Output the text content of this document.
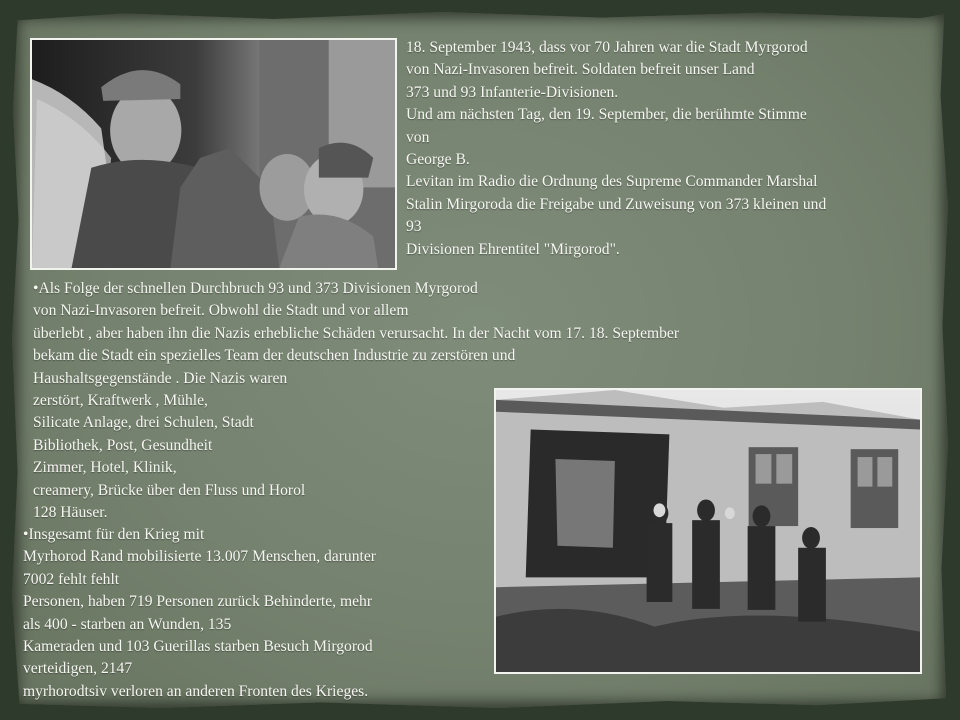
18. September 1943, dass vor 70 Jahren war die Stadt Myrgorod
von Nazi-Invasoren befreit. Soldaten befreit unser Land
373 und 93 Infanterie-Divisionen.
Und am nächsten Tag, den 19. September, die berühmte Stimme
von
George B.
Levitan im Radio die Ordnung des Supreme Commander Marshal
Stalin Mirgoroda die Freigabe und Zuweisung von 373 kleinen und
93
Divisionen Ehrentitel "Mirgorod".
•Als Folge der schnellen Durchbruch 93 und 373 Divisionen Myrgorod
von Nazi-Invasoren befreit. Obwohl die Stadt und vor allem
überlebt , aber haben ihn die Nazis erhebliche Schäden verursacht. In der Nacht vom 17. 18. September
bekam die Stadt ein spezielles Team der deutschen Industrie zu zerstören und
Haushaltsgegenstände . Die Nazis waren
zerstört, Kraftwerk , Mühle,
Silicate Anlage, drei Schulen, Stadt
Bibliothek, Post, Gesundheit
Zimmer, Hotel, Klinik,
creamery, Brücke über den Fluss und Horol
128 Häuser.
•Insgesamt für den Krieg mit
Myrhorod Rand mobilisierte 13.007 Menschen, darunter
7002 fehlt fehlt
Personen, haben 719 Personen zurück Behinderte, mehr
als 400 - starben an Wunden, 135
Kameraden und 103 Guerillas starben Besuch Mirgorod
verteidigen, 2147
myrhorodtsiv verloren an anderen Fronten des Krieges.
